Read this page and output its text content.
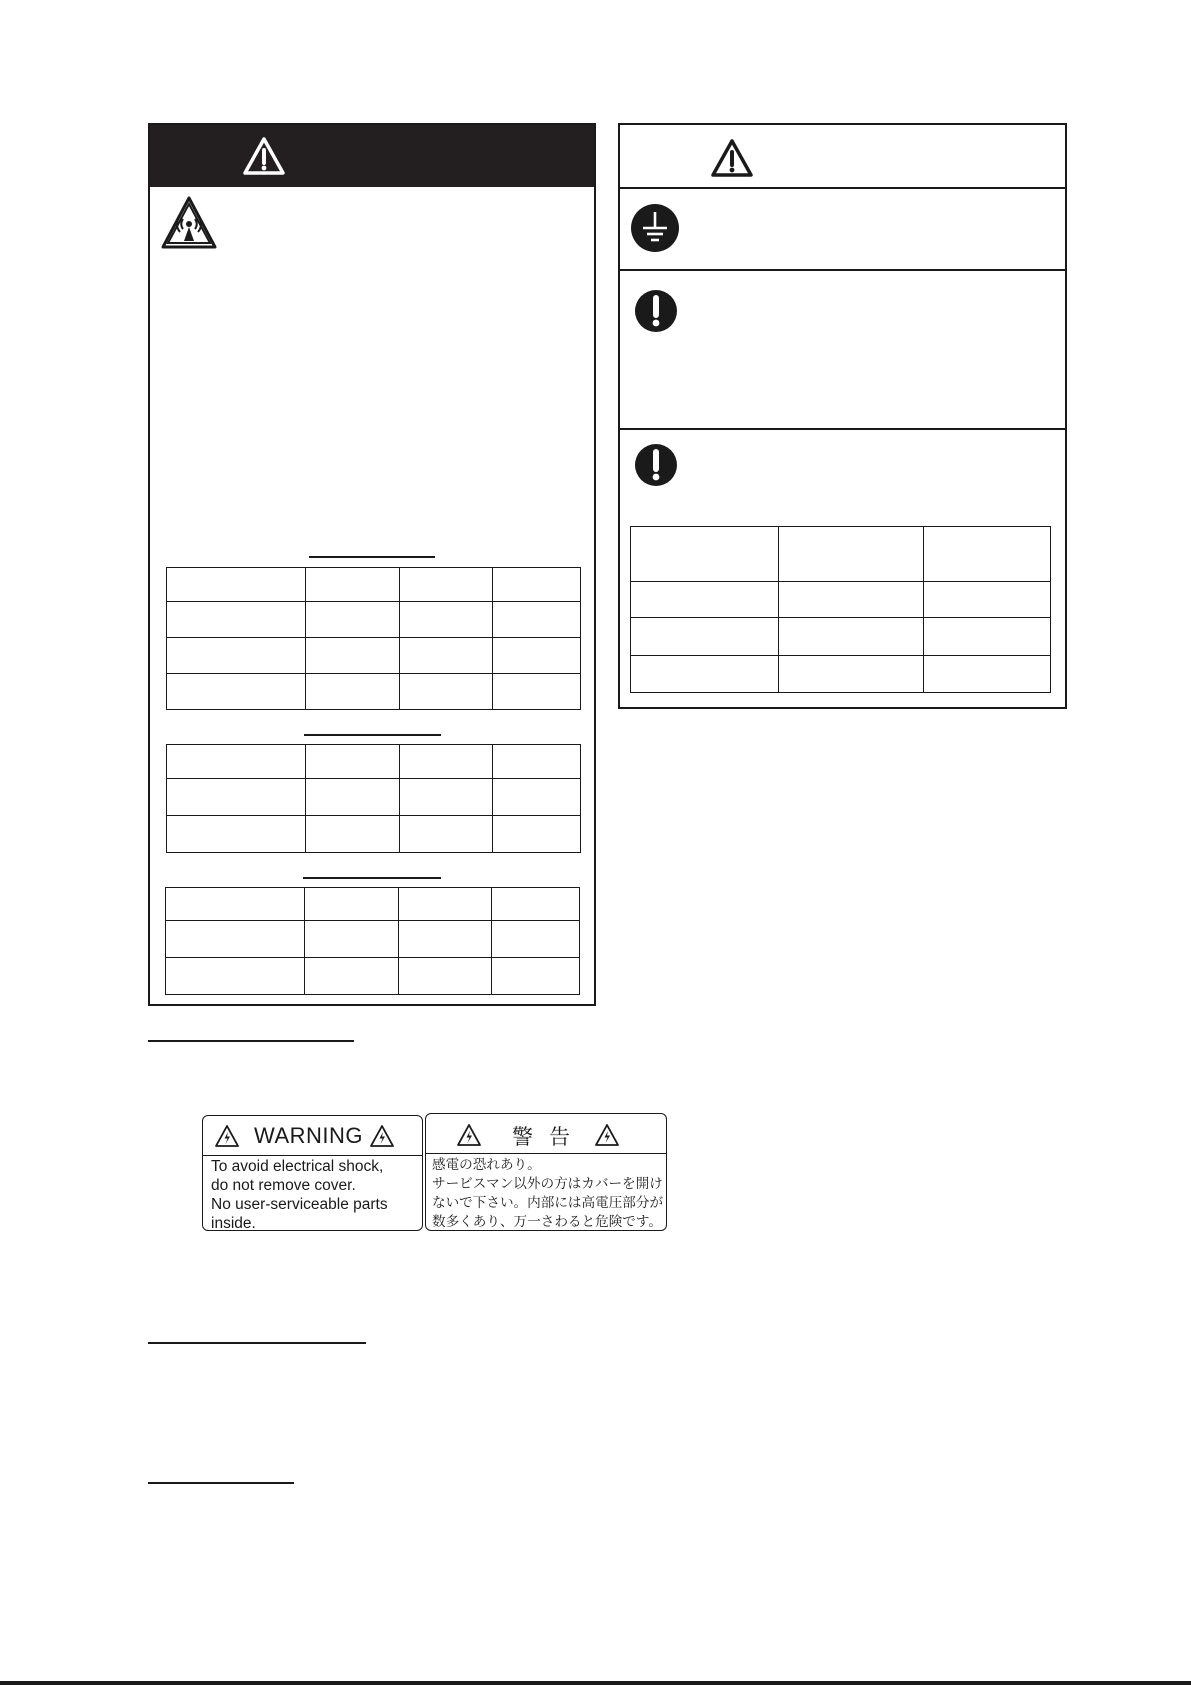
WARNING
To avoid electrical shock,
do not remove cover.
No user-serviceable parts
inside.
警 告
感電の恐れあり。
サービスマン以外の方はカバーを開け
ないで下さい。内部には高電圧部分が
数多くあり、万一さわると危険です。
